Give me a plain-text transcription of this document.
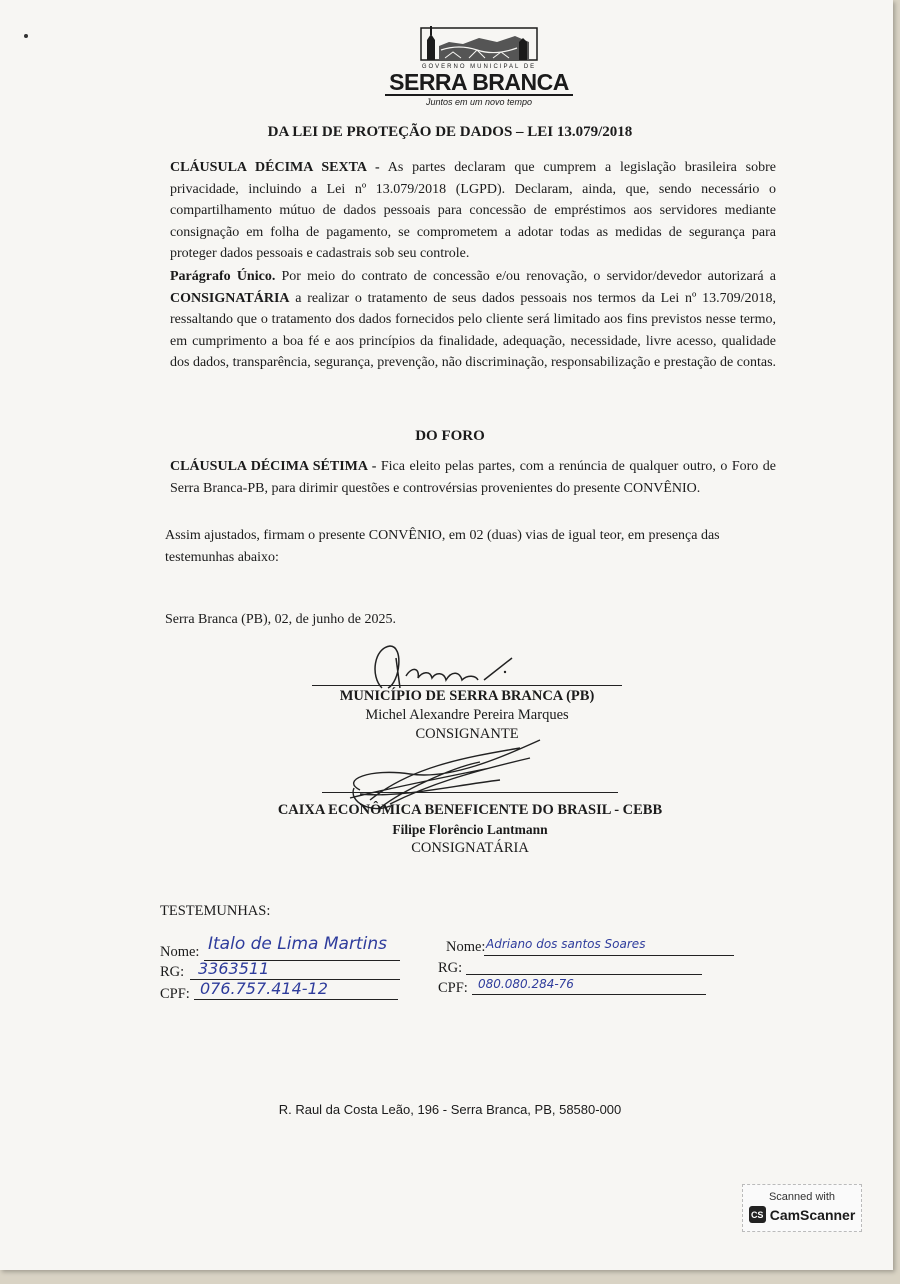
GOVERNO MUNICIPAL DE
SERRA BRANCA
Juntos em um novo tempo
DA LEI DE PROTEÇÃO DE DADOS – LEI 13.079/2018
CLÁUSULA DÉCIMA SEXTA - As partes declaram que cumprem a legislação brasileira sobre privacidade, incluindo a Lei nº 13.079/2018 (LGPD). Declaram, ainda, que, sendo necessário o compartilhamento mútuo de dados pessoais para concessão de empréstimos aos servidores mediante consignação em folha de pagamento, se comprometem a adotar todas as medidas de segurança para proteger dados pessoais e cadastrais sob seu controle.
Parágrafo Único. Por meio do contrato de concessão e/ou renovação, o servidor/devedor autorizará a CONSIGNATÁRIA a realizar o tratamento de seus dados pessoais nos termos da Lei nº 13.709/2018, ressaltando que o tratamento dos dados fornecidos pelo cliente será limitado aos fins previstos nesse termo, em cumprimento a boa fé e aos princípios da finalidade, adequação, necessidade, livre acesso, qualidade dos dados, transparência, segurança, prevenção, não discriminação, responsabilização e prestação de contas.
DO FORO
CLÁUSULA DÉCIMA SÉTIMA - Fica eleito pelas partes, com a renúncia de qualquer outro, o Foro de Serra Branca-PB, para dirimir questões e controvérsias provenientes do presente CONVÊNIO.
Assim ajustados, firmam o presente CONVÊNIO, em 02 (duas) vias de igual teor, em presença das testemunhas abaixo:
Serra Branca (PB), 02, de junho de 2025.
MUNICÍPIO DE SERRA BRANCA (PB)
Michel Alexandre Pereira Marques
CONSIGNANTE
CAIXA ECONÔMICA BENEFICENTE DO BRASIL - CEBB
Filipe Florêncio Lantmann
CONSIGNATÁRIA
TESTEMUNHAS:
Nome: Italo de Lima Martins
RG: 3363511
CPF: 076.757.414-12
Nome: Adriano dos santos Soares
RG:
CPF: 080.080.284-76
R. Raul da Costa Leão, 196 - Serra Branca, PB, 58580-000
Scanned with
CS CamScanner
